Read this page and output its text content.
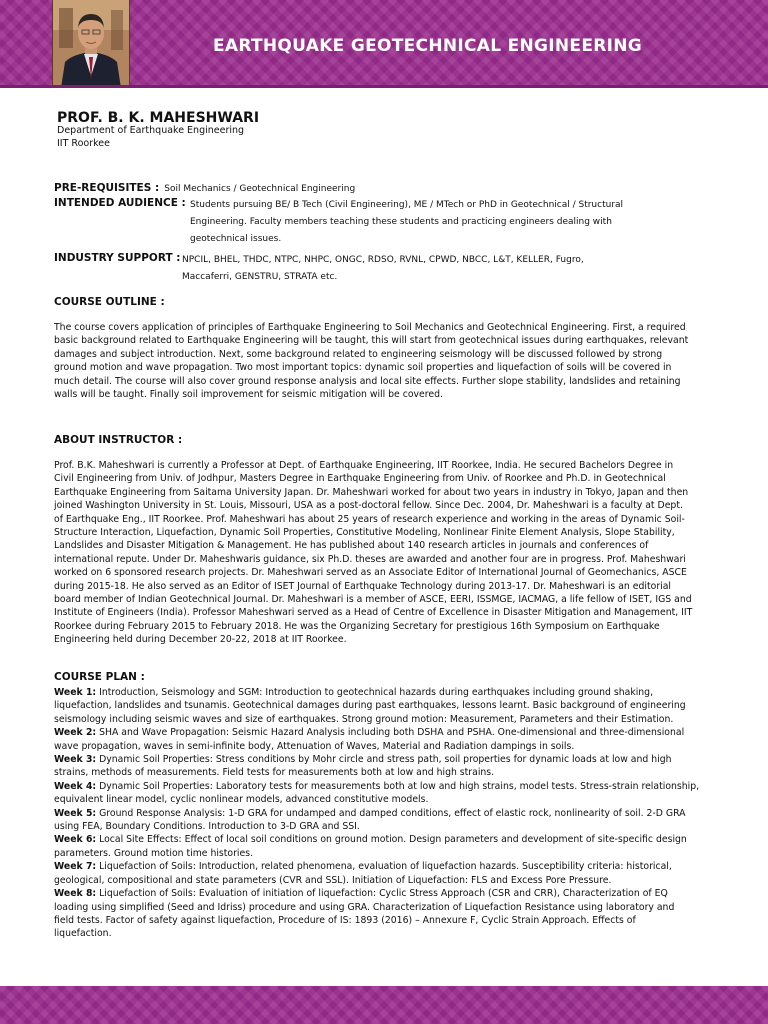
EARTHQUAKE GEOTECHNICAL ENGINEERING
PROF. B. K. MAHESHWARI
Department of Earthquake Engineering
IIT Roorkee
PRE-REQUISITES : Soil Mechanics / Geotechnical Engineering
INTENDED AUDIENCE : Students pursuing BE/ B Tech (Civil Engineering), ME / MTech or PhD in Geotechnical / Structural
Engineering. Faculty members teaching these students and practicing engineers dealing with
geotechnical issues.
INDUSTRY SUPPORT : NPCIL, BHEL, THDC, NTPC, NHPC, ONGC, RDSO, RVNL, CPWD, NBCC, L&T, KELLER, Fugro,
Maccaferri, GENSTRU, STRATA etc.
COURSE OUTLINE :
The course covers application of principles of Earthquake Engineering to Soil Mechanics and Geotechnical Engineering. First, a required
basic background related to Earthquake Engineering will be taught, this will start from geotechnical issues during earthquakes, relevant
damages and subject introduction. Next, some background related to engineering seismology will be discussed followed by strong
ground motion and wave propagation. Two most important topics: dynamic soil properties and liquefaction of soils will be covered in
much detail. The course will also cover ground response analysis and local site effects. Further slope stability, landslides and retaining
walls will be taught. Finally soil improvement for seismic mitigation will be covered.
ABOUT INSTRUCTOR :
Prof. B.K. Maheshwari is currently a Professor at Dept. of Earthquake Engineering, IIT Roorkee, India. He secured Bachelors Degree in
Civil Engineering from Univ. of Jodhpur, Masters Degree in Earthquake Engineering from Univ. of Roorkee and Ph.D. in Geotechnical
Earthquake Engineering from Saitama University Japan. Dr. Maheshwari worked for about two years in industry in Tokyo, Japan and then
joined Washington University in St. Louis, Missouri, USA as a post-doctoral fellow. Since Dec. 2004, Dr. Maheshwari is a faculty at Dept.
of Earthquake Eng., IIT Roorkee. Prof. Maheshwari has about 25 years of research experience and working in the areas of Dynamic Soil-
Structure Interaction, Liquefaction, Dynamic Soil Properties, Constitutive Modeling, Nonlinear Finite Element Analysis, Slope Stability,
Landslides and Disaster Mitigation & Management. He has published about 140 research articles in journals and conferences of
international repute. Under Dr. Maheshwaris guidance, six Ph.D. theses are awarded and another four are in progress. Prof. Maheshwari
worked on 6 sponsored research projects. Dr. Maheshwari served as an Associate Editor of International Journal of Geomechanics, ASCE
during 2015-18. He also served as an Editor of ISET Journal of Earthquake Technology during 2013-17. Dr. Maheshwari is an editorial
board member of Indian Geotechnical Journal. Dr. Maheshwari is a member of ASCE, EERI, ISSMGE, IACMAG, a life fellow of ISET, IGS and
Institute of Engineers (India). Professor Maheshwari served as a Head of Centre of Excellence in Disaster Mitigation and Management, IIT
Roorkee during February 2015 to February 2018. He was the Organizing Secretary for prestigious 16th Symposium on Earthquake
Engineering held during December 20-22, 2018 at IIT Roorkee.
COURSE PLAN :
Week 1: Introduction, Seismology and SGM: Introduction to geotechnical hazards during earthquakes including ground shaking,
liquefaction, landslides and tsunamis. Geotechnical damages during past earthquakes, lessons learnt. Basic background of engineering
seismology including seismic waves and size of earthquakes. Strong ground motion: Measurement, Parameters and their Estimation.
Week 2: SHA and Wave Propagation: Seismic Hazard Analysis including both DSHA and PSHA. One-dimensional and three-dimensional
wave propagation, waves in semi-infinite body, Attenuation of Waves, Material and Radiation dampings in soils.
Week 3: Dynamic Soil Properties: Stress conditions by Mohr circle and stress path, soil properties for dynamic loads at low and high
strains, methods of measurements. Field tests for measurements both at low and high strains.
Week 4: Dynamic Soil Properties: Laboratory tests for measurements both at low and high strains, model tests. Stress-strain relationship,
equivalent linear model, cyclic nonlinear models, advanced constitutive models.
Week 5: Ground Response Analysis: 1-D GRA for undamped and damped conditions, effect of elastic rock, nonlinearity of soil. 2-D GRA
using FEA, Boundary Conditions. Introduction to 3-D GRA and SSI.
Week 6: Local Site Effects: Effect of local soil conditions on ground motion. Design parameters and development of site-specific design
parameters. Ground motion time histories.
Week 7: Liquefaction of Soils: Introduction, related phenomena, evaluation of liquefaction hazards. Susceptibility criteria: historical,
geological, compositional and state parameters (CVR and SSL). Initiation of Liquefaction: FLS and Excess Pore Pressure.
Week 8: Liquefaction of Soils: Evaluation of initiation of liquefaction: Cyclic Stress Approach (CSR and CRR), Characterization of EQ
loading using simplified (Seed and Idriss) procedure and using GRA. Characterization of Liquefaction Resistance using laboratory and
field tests. Factor of safety against liquefaction, Procedure of IS: 1893 (2016) – Annexure F, Cyclic Strain Approach. Effects of
liquefaction.
